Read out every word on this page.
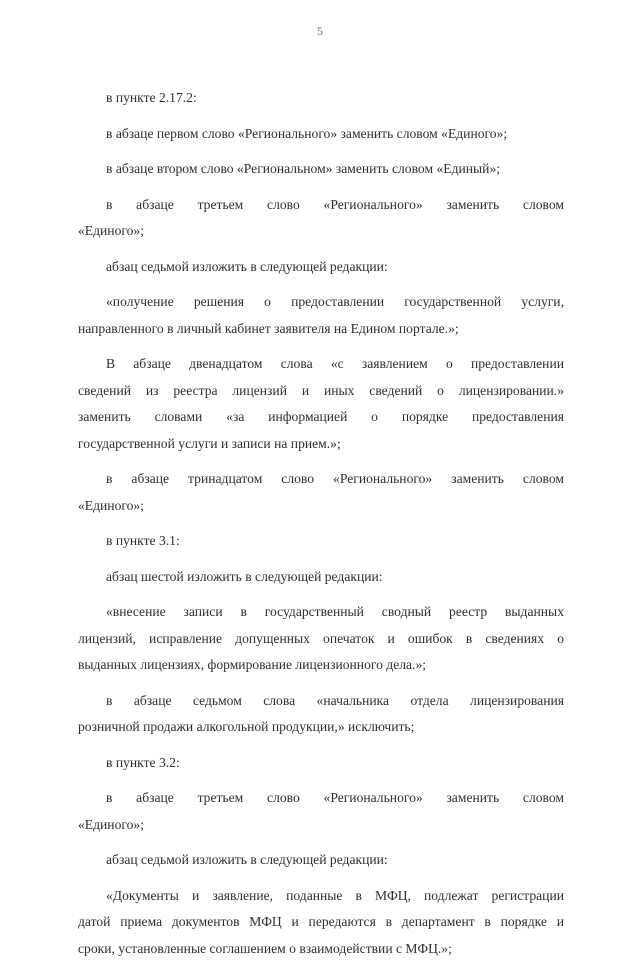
5
в пункте 2.17.2:
в абзаце первом слово «Регионального» заменить словом «Единого»;
в абзаце втором слово «Региональном» заменить словом «Единый»;
в абзаце третьем слово «Регионального» заменить словом
«Единого»;
абзац седьмой изложить в следующей редакции:
«получение решения о предоставлении государственной услуги,
направленного в личный кабинет заявителя на Едином портале.»;
В абзаце двенадцатом слова «с заявлением о предоставлении
сведений из реестра лицензий и иных сведений о лицензировании.»
заменить словами «за информацией о порядке предоставления
государственной услуги и записи на прием.»;
в абзаце тринадцатом слово «Регионального» заменить словом
«Единого»;
в пункте 3.1:
абзац шестой изложить в следующей редакции:
«внесение записи в государственный сводный реестр выданных
лицензий, исправление допущенных опечаток и ошибок в сведениях о
выданных лицензиях, формирование лицензионного дела.»;
в абзаце седьмом слова «начальника отдела лицензирования
розничной продажи алкогольной продукции,» исключить;
в пункте 3.2:
в абзаце третьем слово «Регионального» заменить словом
«Единого»;
абзац седьмой изложить в следующей редакции:
«Документы и заявление, поданные в МФЦ, подлежат регистрации
датой приема документов МФЦ и передаются в департамент в порядке и
сроки, установленные соглашением о взаимодействии с МФЦ.»;
